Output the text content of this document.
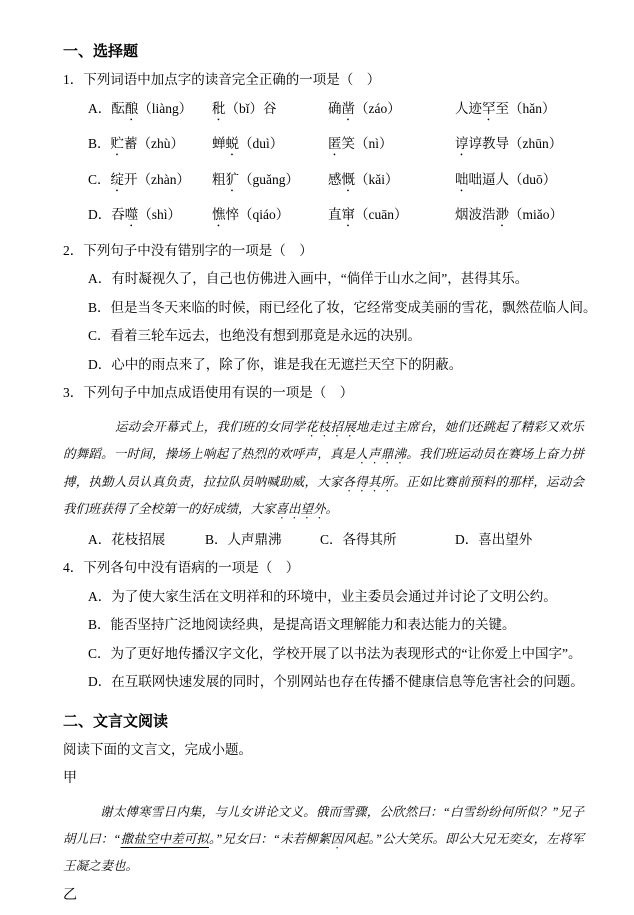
一、选择题

1．下列词语中加点字的读音完全正确的一项是（　）

A．酝酿（liàng）	秕（bǐ）谷	确凿（záo）	人迹罕至（hǎn）
B．贮蓄（zhù）	蝉蜕（duì）	匿笑（nì）	谆谆教导（zhūn）
C．绽开（zhàn）	粗犷（guǎng）	感慨（kǎi）	咄咄逼人（duō）
D．吞噬（shì）	憔悴（qiáo）	直窜（cuān）	烟波浩渺（miǎo）

2．下列句子中没有错别字的一项是（　）

A．有时凝视久了，自己也仿佛进入画中，“倘佯于山水之间”，甚得其乐。

B．但是当冬天来临的时候，雨已经化了妆，它经常变成美丽的雪花，飘然莅临人间。

C．看着三轮车远去，也绝没有想到那竟是永远的决别。

D．心中的雨点来了，除了你，谁是我在无遮拦天空下的阴蔽。

3．下列句子中加点成语使用有误的一项是（　）

运动会开幕式上，我们班的女同学花枝招展地走过主席台，她们还跳起了精彩又欢乐的舞蹈。一时间，操场上响起了热烈的欢呼声，真是人声鼎沸。我们班运动员在赛场上奋力拼搏，执勤人员认真负责，拉拉队员呐喊助威，大家各得其所。正如比赛前预料的那样，运动会我们班获得了全校第一的好成绩，大家喜出望外。

A．花枝招展	B．人声鼎沸	C．各得其所	D．喜出望外

4．下列各句中没有语病的一项是（　）

A．为了使大家生活在文明祥和的环境中，业主委员会通过并讨论了文明公约。

B．能否坚持广泛地阅读经典，是提高语文理解能力和表达能力的关键。

C．为了更好地传播汉字文化，学校开展了以书法为表现形式的“让你爱上中国字”。

D．在互联网快速发展的同时，个别网站也存在传播不健康信息等危害社会的问题。

二、文言文阅读

阅读下面的文言文，完成小题。

甲

谢太傅寒雪日内集，与儿女讲论文义。俄而雪骤，公欣然曰：“白雪纷纷何所似？”兄子胡儿曰：“撒盐空中差可拟。”兄女曰：“未若柳絮因风起。”公大笑乐。即公大兄无奕女，左将军王凝之妻也。

乙
